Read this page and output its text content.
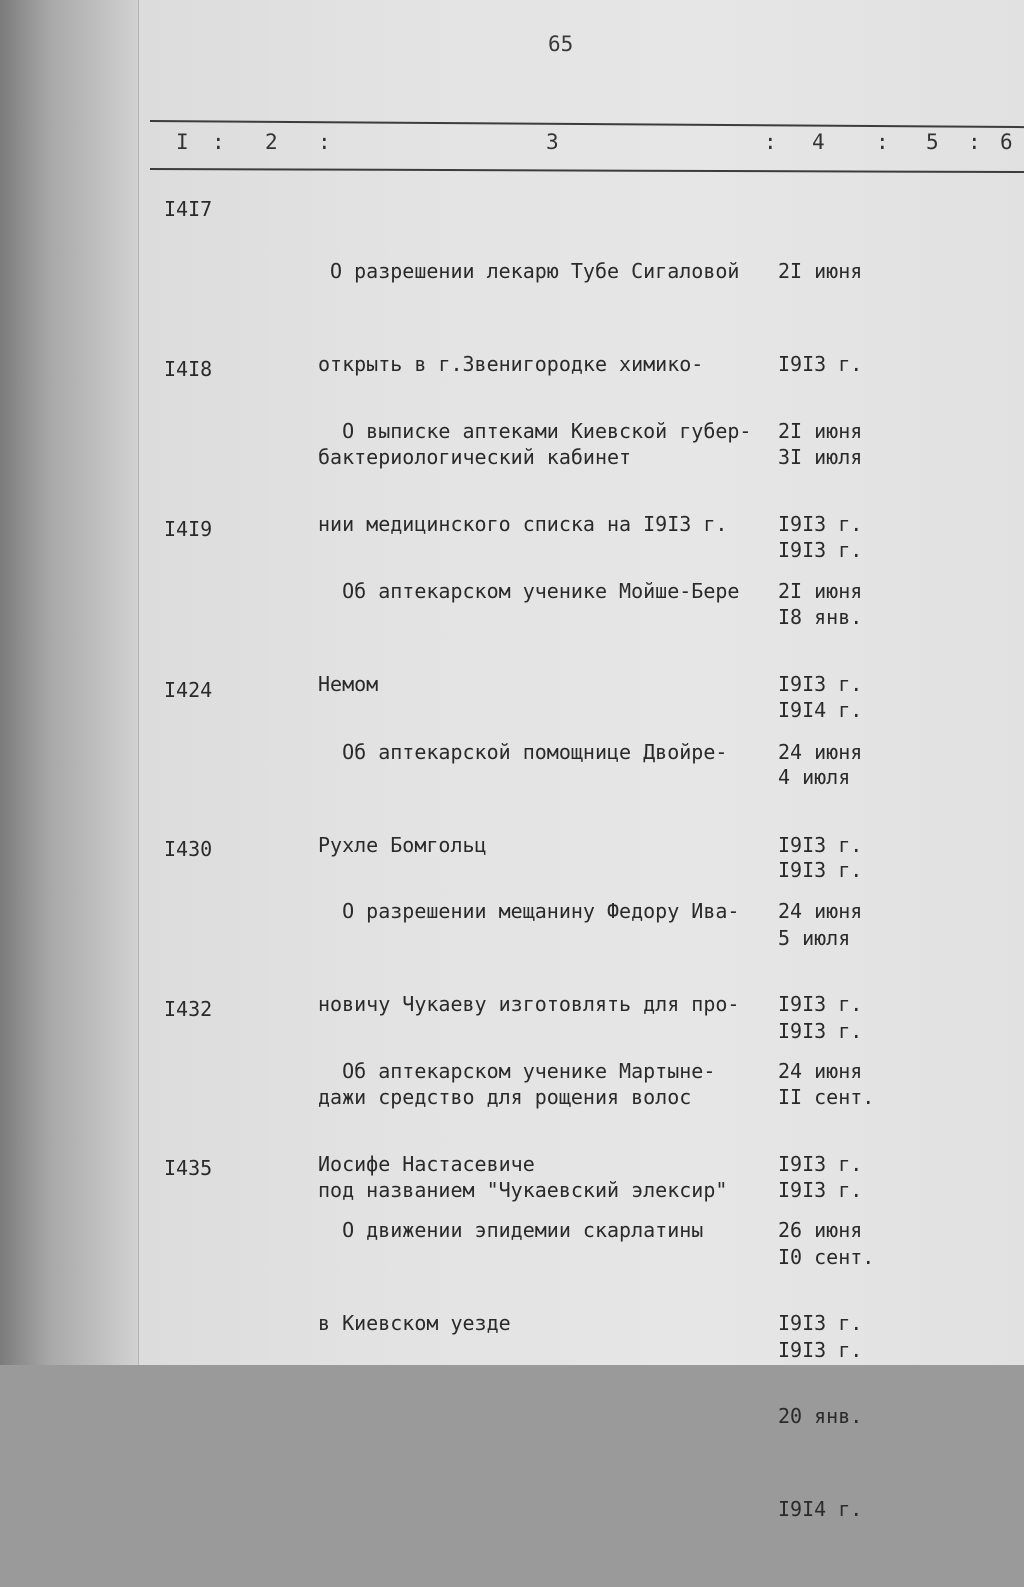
65
I : 2 :	3	: 4 : 5 : 6
I4I7

О разрешении лекарю Тубе Сигаловой

открыть в г.Звенигородке химико-

бактериологический кабинет

2I июня

I9I3 г.

3I июля

I9I3 г.

I4I8

О выписке аптеками Киевской губер-

нии медицинского списка на I9I3 г.

2I июня

I9I3 г.

I8 янв.

I9I4 г.

I4I9

Об аптекарском ученике Мойше-Бере

Немом

2I июня

I9I3 г.

4 июля

I9I3 г.

I424

Об аптекарской помощнице Двойре-

Рухле Бомгольц

24 июня

I9I3 г.

5 июля

I9I3 г.

I430

О разрешении мещанину Федору Ива-

новичу Чукаеву изготовлять для про-

дажи средство для рощения волос

под названием "Чукаевский элексир"

24 июня

I9I3 г.

II сент.

I9I3 г.

I432

Об аптекарском ученике Мартыне-

Иосифе Настасевиче

24 июня

I9I3 г.

I0 сент.

I9I3 г.

I435

О движении эпидемии скарлатины

в Киевском уезде

26 июня

I9I3 г.

20 янв.

I9I4 г.
